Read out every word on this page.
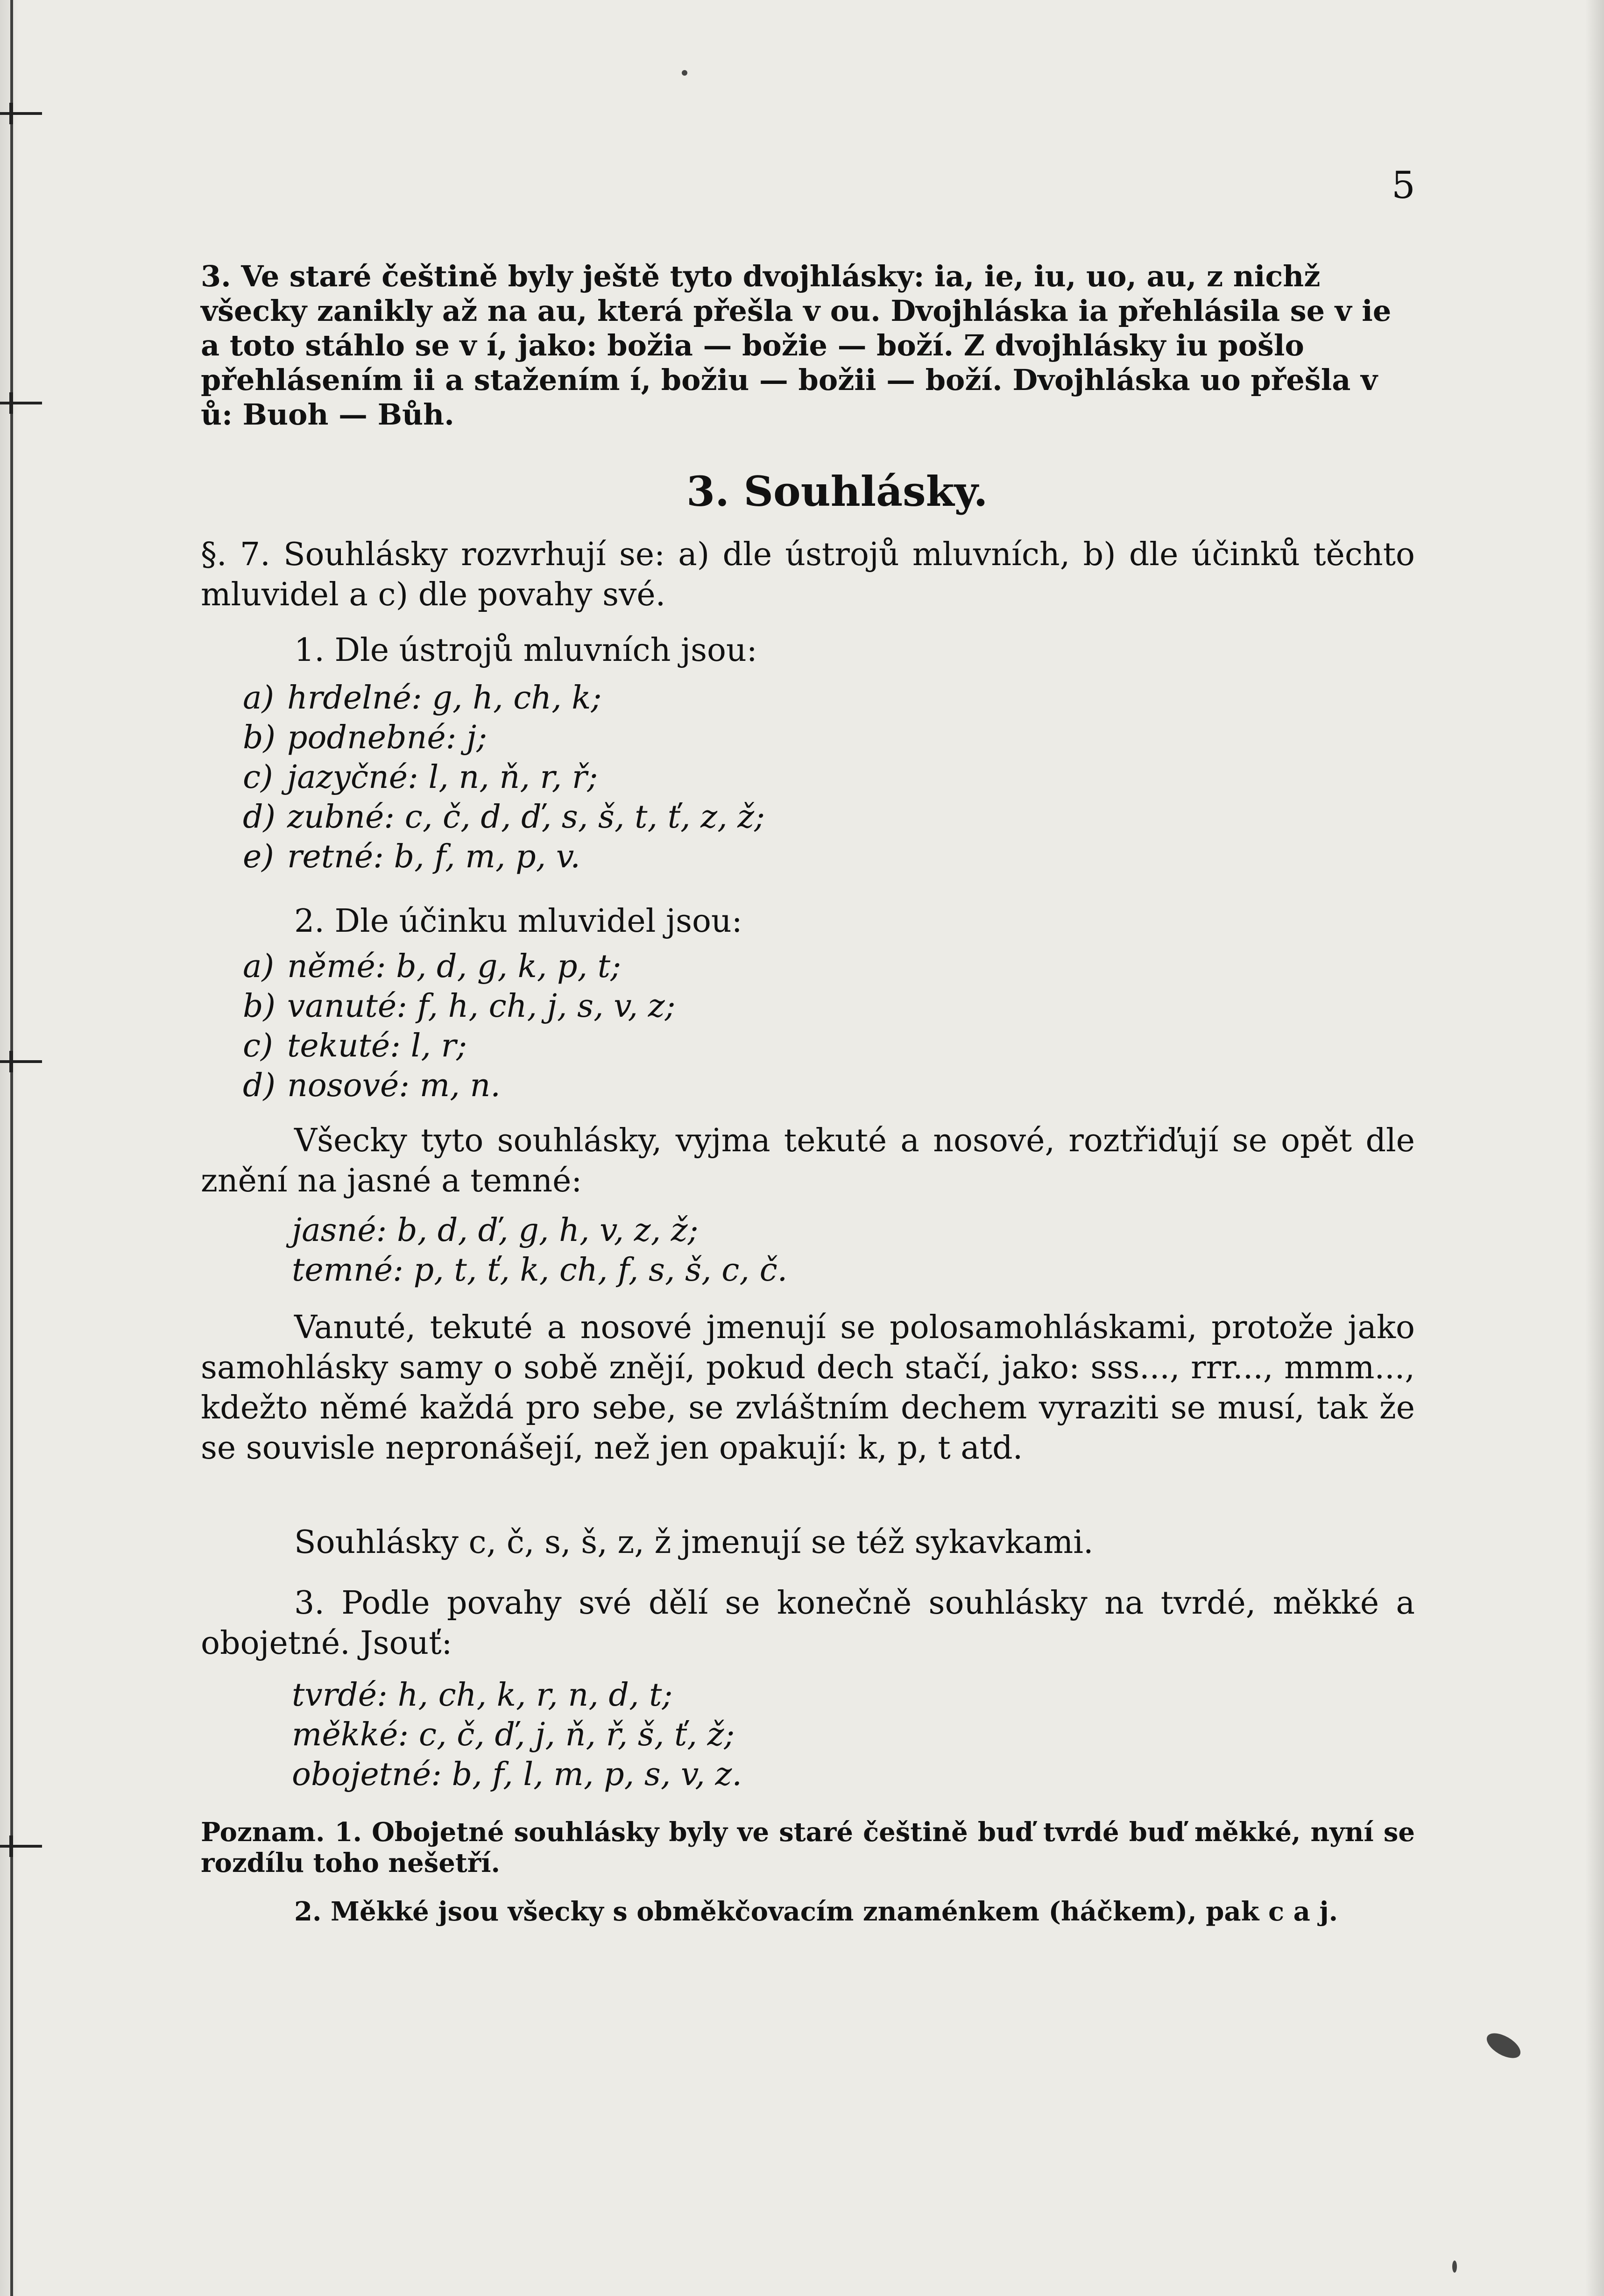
5
3. Ve staré češtině byly ještě tyto dvojhlásky: ia, ie, iu, uo, au, z nichž všecky zanikly až na au, která přešla v ou. Dvojhláska ia přehlásila se v ie a toto stáhlo se v í, jako: božia — božie — boží. Z dvojhlásky iu pošlo přehlásením ii a stažením í, božiu — božii — boží. Dvojhláska uo přešla v ů: Buoh — Bůh.
3. Souhlásky.
§. 7. Souhlásky rozvrhují se: a) dle ústrojů mluvních, b) dle účinků těchto mluvidel a c) dle povahy své.
1. Dle ústrojů mluvních jsou:
a) hrdelné: g, h, ch, k;
b) podnebné: j;
c) jazyčné: l, n, ň, r, ř;
d) zubné: c, č, d, ď, s, š, t, ť, z, ž;
e) retné: b, f, m, p, v.
2. Dle účinku mluvidel jsou:
a) němé: b, d, g, k, p, t;
b) vanuté: f, h, ch, j, s, v, z;
c) tekuté: l, r;
d) nosové: m, n.
Všecky tyto souhlásky, vyjma tekuté a nosové, roztřiďují se opět dle znění na jasné a temné:
jasné: b, d, ď, g, h, v, z, ž;
temné: p, t, ť, k, ch, f, s, š, c, č.
Vanuté, tekuté a nosové jmenují se polosamohláskami, protože jako samohlásky samy o sobě znějí, pokud dech stačí, jako: sss..., rrr..., mmm..., kdežto němé každá pro sebe, se zvláštním dechem vyraziti se musí, tak že se souvisle nepronášejí, než jen opakují: k, p, t atd.
Souhlásky c, č, s, š, z, ž jmenují se též sykavkami.
3. Podle povahy své dělí se konečně souhlásky na tvrdé, měkké a obojetné. Jsouť:
tvrdé: h, ch, k, r, n, d, t;
měkké: c, č, ď, j, ň, ř, š, ť, ž;
obojetné: b, f, l, m, p, s, v, z.
Poznam. 1. Obojetné souhlásky byly ve staré češtině buď tvrdé buď měkké, nyní se rozdílu toho nešetří.
2. Měkké jsou všecky s obměkčovacím znaménkem (háčkem), pak c a j.
